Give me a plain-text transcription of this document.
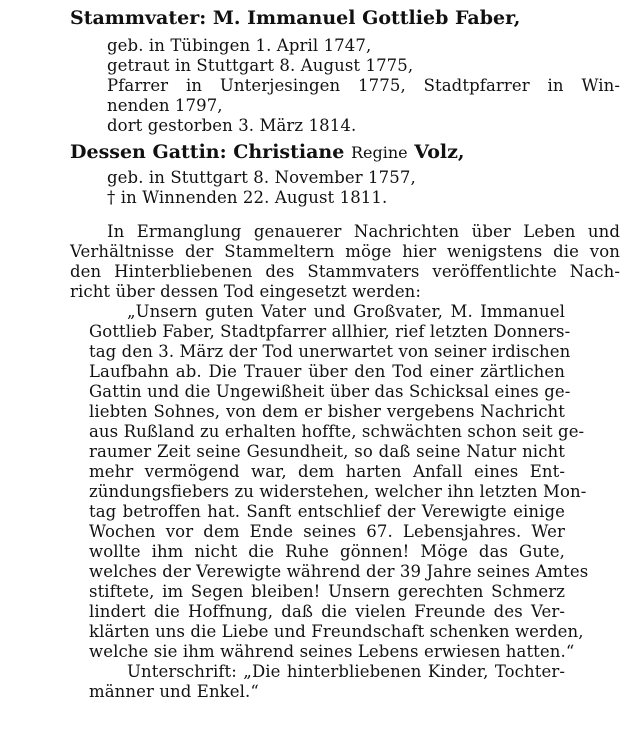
Stammvater: M. Immanuel Gottlieb Faber,
geb. in Tübingen 1. April 1747,
getraut in Stuttgart 8. August 1775,
Pfarrer in Unterjesingen 1775, Stadtpfarrer in Win-
nenden 1797,
dort gestorben 3. März 1814.
Dessen Gattin: Christiane Regine Volz,
geb. in Stuttgart 8. November 1757,
† in Winnenden 22. August 1811.
In Ermanglung genauerer Nachrichten über Leben und
Verhältnisse der Stammeltern möge hier wenigstens die von
den Hinterbliebenen des Stammvaters veröffentlichte Nach-
richt über dessen Tod eingesetzt werden:
„Unsern guten Vater und Großvater, M. Immanuel
Gottlieb Faber, Stadtpfarrer allhier, rief letzten Donners-
tag den 3. März der Tod unerwartet von seiner irdischen
Laufbahn ab. Die Trauer über den Tod einer zärtlichen
Gattin und die Ungewißheit über das Schicksal eines ge-
liebten Sohnes, von dem er bisher vergebens Nachricht
aus Rußland zu erhalten hoffte, schwächten schon seit ge-
raumer Zeit seine Gesundheit, so daß seine Natur nicht
mehr vermögend war, dem harten Anfall eines Ent-
zündungsfiebers zu widerstehen, welcher ihn letzten Mon-
tag betroffen hat. Sanft entschlief der Verewigte einige
Wochen vor dem Ende seines 67. Lebensjahres. Wer
wollte ihm nicht die Ruhe gönnen! Möge das Gute,
welches der Verewigte während der 39 Jahre seines Amtes
stiftete, im Segen bleiben! Unsern gerechten Schmerz
lindert die Hoffnung, daß die vielen Freunde des Ver-
klärten uns die Liebe und Freundschaft schenken werden,
welche sie ihm während seines Lebens erwiesen hatten.“
Unterschrift: „Die hinterbliebenen Kinder, Tochter-
männer und Enkel.“
